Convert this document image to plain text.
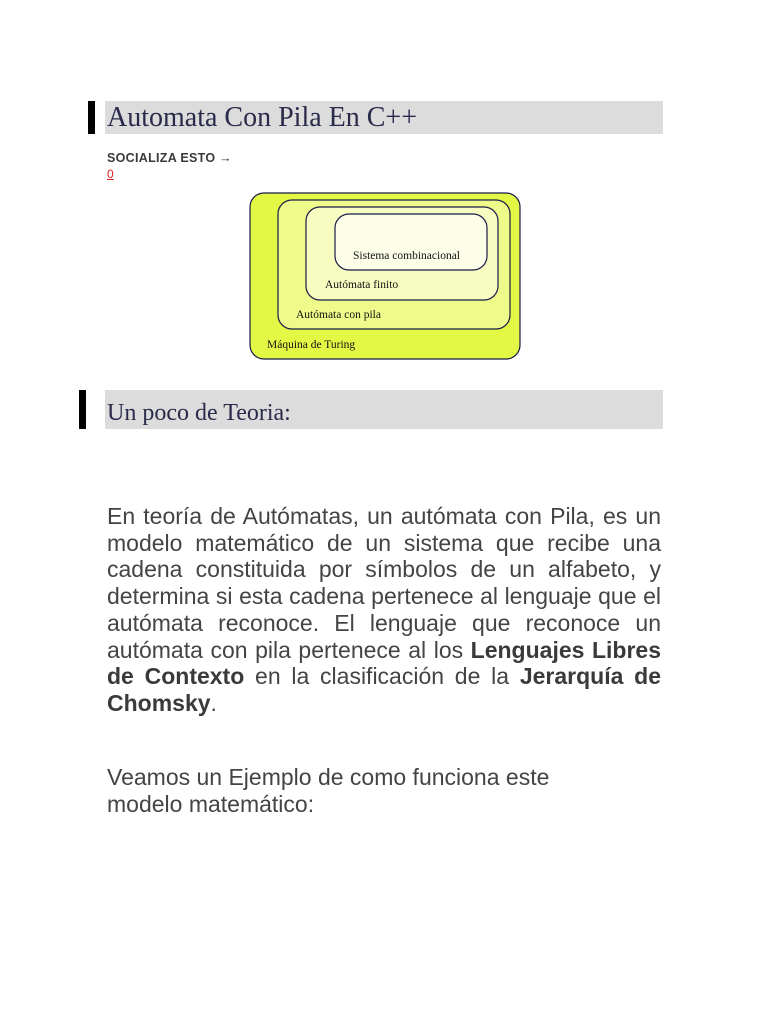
Automata Con Pila En C++
SOCIALIZA ESTO →
0
Sistema combinacional
Autómata finito
Autómata con pila
Máquina de Turing
Un poco de Teoria:
En teoría de Autómatas, un autómata con Pila, es un modelo matemático de un sistema que recibe una cadena constituida por símbolos de un alfabeto, y determina si esta cadena pertenece al lenguaje que el autómata reconoce. El lenguaje que reconoce un autómata con pila pertenece al los Lenguajes Libres de Contexto en la clasificación de la Jerarquía de Chomsky.
Veamos un Ejemplo de como funciona este
modelo matemático:
